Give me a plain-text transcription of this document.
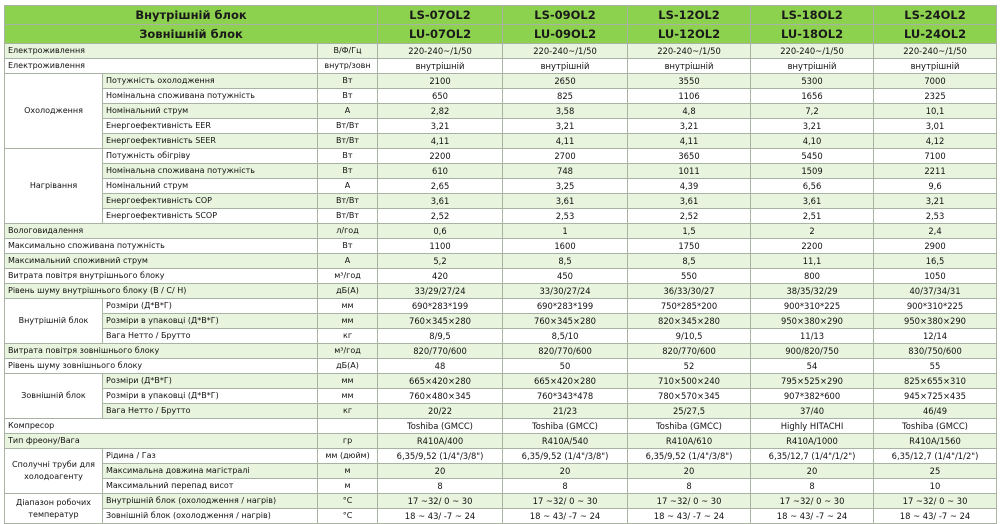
Внутрішній блок			LS-07OL2	LS-09OL2	LS-12OL2	LS-18OL2	LS-24OL2
Зовнішній блок			LU-07OL2	LU-09OL2	LU-12OL2	LU-18OL2	LU-24OL2
Електроживлення		В/Ф/Гц	220-240~/1/50	220-240~/1/50	220-240~/1/50	220-240~/1/50	220-240~/1/50
Електроживлення		внутр/зовн	внутрішній	внутрішній	внутрішній	внутрішній	внутрішній
Охолодження	Потужність охолодження	Вт	2100	2650	3550	5300	7000
	Номінальна споживана потужність	Вт	650	825	1106	1656	2325
	Номінальний струм	А	2,82	3,58	4,8	7,2	10,1
	Енергоефективність EER	Вт/Вт	3,21	3,21	3,21	3,21	3,01
	Енергоефективність SEER	Вт/Вт	4,11	4,11	4,11	4,10	4,12
Нагрівання	Потужність обігріву	Вт	2200	2700	3650	5450	7100
	Номінальна споживана потужність	Вт	610	748	1011	1509	2211
	Номінальний струм	А	2,65	3,25	4,39	6,56	9,6
	Енергоефективність COP	Вт/Вт	3,61	3,61	3,61	3,61	3,21
	Енергоефективність SCOP	Вт/Вт	2,52	2,53	2,52	2,51	2,53
Вологовидалення		л/год	0,6	1	1,5	2	2,4
Максимально споживана потужність		Вт	1100	1600	1750	2200	2900
Максимальний споживний струм		А	5,2	8,5	8,5	11,1	16,5
Витрата повітря внутрішнього блоку		м³/год	420	450	550	800	1050
Рівень шуму внутрішнього блоку (В / С/ Н)		дБ(А)	33/29/27/24	33/30/27/24	36/33/30/27	38/35/32/29	40/37/34/31
Внутрішній блок	Розміри (Д*В*Г)	мм	690*283*199	690*283*199	750*285*200	900*310*225	900*310*225
	Розміри в упаковці (Д*В*Г)	мм	760×345×280	760×345×280	820×345×280	950×380×290	950×380×290
	Вага Нетто / Брутто	кг	8/9,5	8,5/10	9/10,5	11/13	12/14
Витрата повітря зовнішнього блоку		м³/год	820/770/600	820/770/600	820/770/600	900/820/750	830/750/600
Рівень шуму зовнішнього блоку		дБ(А)	48	50	52	54	55
Зовнішній блок	Розміри (Д*В*Г)	мм	665×420×280	665×420×280	710×500×240	795×525×290	825×655×310
	Розміри в упаковці (Д*В*Г)	мм	760×480×345	760*343*478	780×570×345	907*382*600	945×725×435
	Вага Нетто / Брутто	кг	20/22	21/23	25/27,5	37/40	46/49
Компресор			Toshiba (GMCC)	Toshiba (GMCC)	Toshiba (GMCC)	Highly HITACHI	Toshiba (GMCC)
Тип фреону/Вага		гр	R410A/400	R410A/540	R410A/610	R410A/1000	R410A/1560
Сполучні труби для холодоагенту	Рідина / Газ	мм (дюйм)	6,35/9,52 (1/4"/3/8")	6,35/9,52 (1/4"/3/8")	6,35/9,52 (1/4"/3/8")	6,35/12,7 (1/4"/1/2")	6,35/12,7 (1/4"/1/2")
	Максимальна довжина магістралі	м	20	20	20	20	25
	Максимальний перепад висот	м	8	8	8	8	10
Діапазон робочих температур	Внутрішній блок (охолодження / нагрів)	°С	17 ~32/ 0 ~ 30	17 ~32/ 0 ~ 30	17 ~32/ 0 ~ 30	17 ~32/ 0 ~ 30	17 ~32/ 0 ~ 30
	Зовнішній блок (охолодження / нагрів)	°С	18 ~ 43/ -7 ~ 24	18 ~ 43/ -7 ~ 24	18 ~ 43/ -7 ~ 24	18 ~ 43/ -7 ~ 24	18 ~ 43/ -7 ~ 24
